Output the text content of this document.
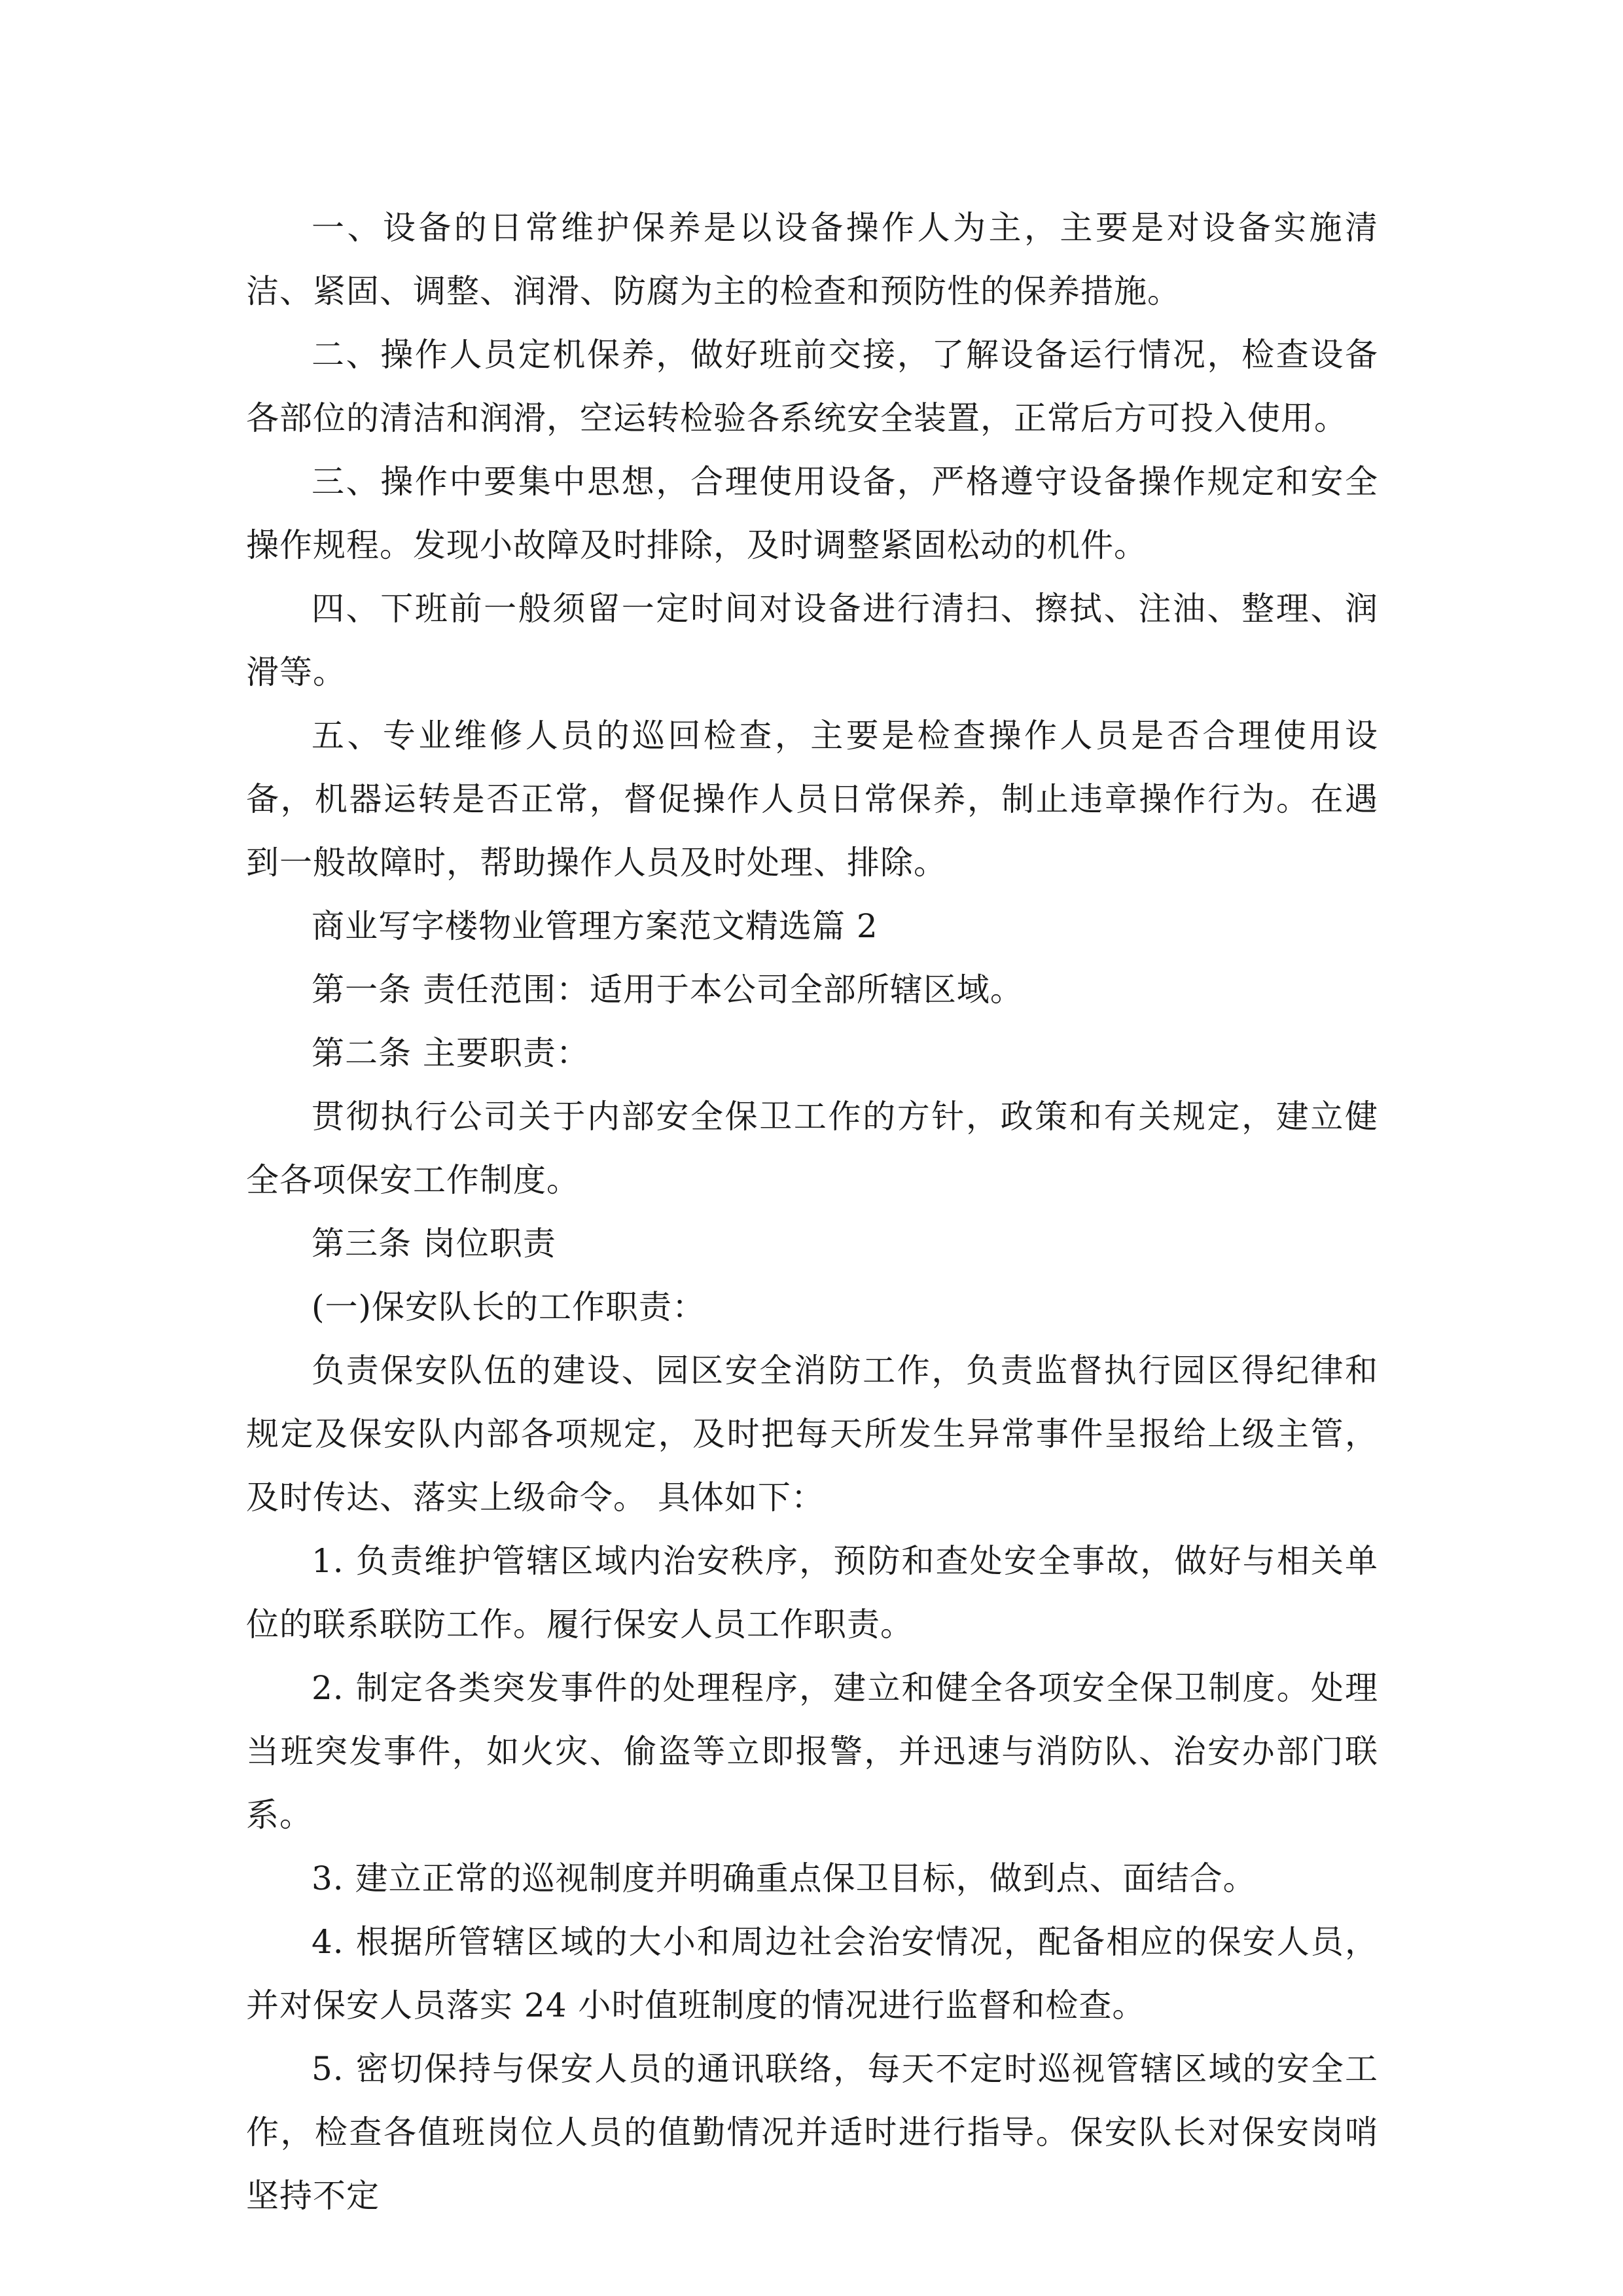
一、设备的日常维护保养是以设备操作人为主，主要是对设备实施清洁、紧固、调整、润滑、防腐为主的检查和预防性的保养措施。

二、操作人员定机保养，做好班前交接，了解设备运行情况，检查设备各部位的清洁和润滑，空运转检验各系统安全装置，正常后方可投入使用。

三、操作中要集中思想，合理使用设备，严格遵守设备操作规定和安全操作规程。发现小故障及时排除，及时调整紧固松动的机件。

四、下班前一般须留一定时间对设备进行清扫、擦拭、注油、整理、润滑等。

五、专业维修人员的巡回检查，主要是检查操作人员是否合理使用设备，机器运转是否正常，督促操作人员日常保养，制止违章操作行为。在遇到一般故障时，帮助操作人员及时处理、排除。

商业写字楼物业管理方案范文精选篇 2

第一条 责任范围：适用于本公司全部所辖区域。

第二条 主要职责：

贯彻执行公司关于内部安全保卫工作的方针，政策和有关规定，建立健全各项保安工作制度。

第三条 岗位职责

(一)保安队长的工作职责：

负责保安队伍的建设、园区安全消防工作，负责监督执行园区得纪律和规定及保安队内部各项规定，及时把每天所发生异常事件呈报给上级主管，及时传达、落实上级命令。 具体如下：

1. 负责维护管辖区域内治安秩序，预防和查处安全事故，做好与相关单位的联系联防工作。履行保安人员工作职责。

2. 制定各类突发事件的处理程序，建立和健全各项安全保卫制度。处理当班突发事件，如火灾、偷盗等立即报警，并迅速与消防队、治安办部门联系。

3. 建立正常的巡视制度并明确重点保卫目标，做到点、面结合。

4. 根据所管辖区域的大小和周边社会治安情况，配备相应的保安人员，并对保安人员落实 24 小时值班制度的情况进行监督和检查。

5. 密切保持与保安人员的通讯联络，每天不定时巡视管辖区域的安全工作，检查各值班岗位人员的值勤情况并适时进行指导。保安队长对保安岗哨坚持不定
